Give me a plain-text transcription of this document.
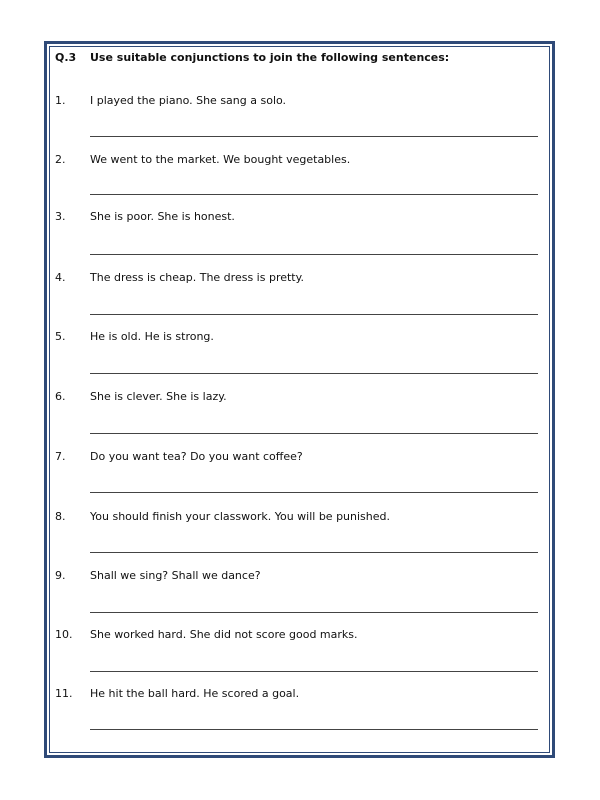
Q.3 Use suitable conjunctions to join the following sentences:
1. I played the piano. She sang a solo.
2. We went to the market. We bought vegetables.
3. She is poor. She is honest.
4. The dress is cheap. The dress is pretty.
5. He is old. He is strong.
6. She is clever. She is lazy.
7. Do you want tea? Do you want coffee?
8. You should finish your classwork. You will be punished.
9. Shall we sing? Shall we dance?
10. She worked hard. She did not score good marks.
11. He hit the ball hard. He scored a goal.
